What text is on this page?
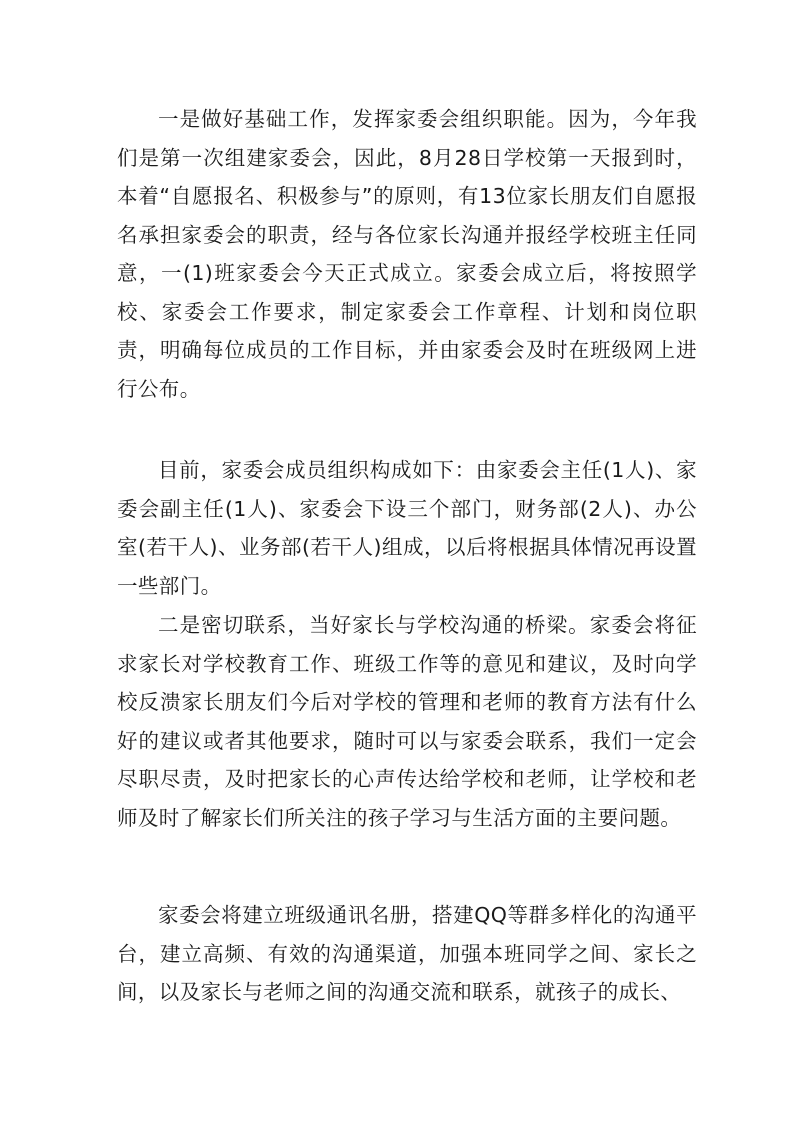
一是做好基础工作，发挥家委会组织职能。因为，今年我们是第一次组建家委会，因此，8月28日学校第一天报到时，本着“自愿报名、积极参与”的原则，有13位家长朋友们自愿报名承担家委会的职责，经与各位家长沟通并报经学校班主任同意，一(1)班家委会今天正式成立。家委会成立后，将按照学校、家委会工作要求，制定家委会工作章程、计划和岗位职责，明确每位成员的工作目标，并由家委会及时在班级网上进行公布。

目前，家委会成员组织构成如下：由家委会主任(1人)、家委会副主任(1人)、家委会下设三个部门，财务部(2人)、办公室(若干人)、业务部(若干人)组成，以后将根据具体情况再设置一些部门。

二是密切联系，当好家长与学校沟通的桥梁。家委会将征求家长对学校教育工作、班级工作等的意见和建议，及时向学校反溃家长朋友们今后对学校的管理和老师的教育方法有什么好的建议或者其他要求，随时可以与家委会联系，我们一定会尽职尽责，及时把家长的心声传达给学校和老师，让学校和老师及时了解家长们所关注的孩子学习与生活方面的主要问题。

家委会将建立班级通讯名册，搭建QQ等群多样化的沟通平台，建立高频、有效的沟通渠道，加强本班同学之间、家长之间，以及家长与老师之间的沟通交流和联系，就孩子的成长、
